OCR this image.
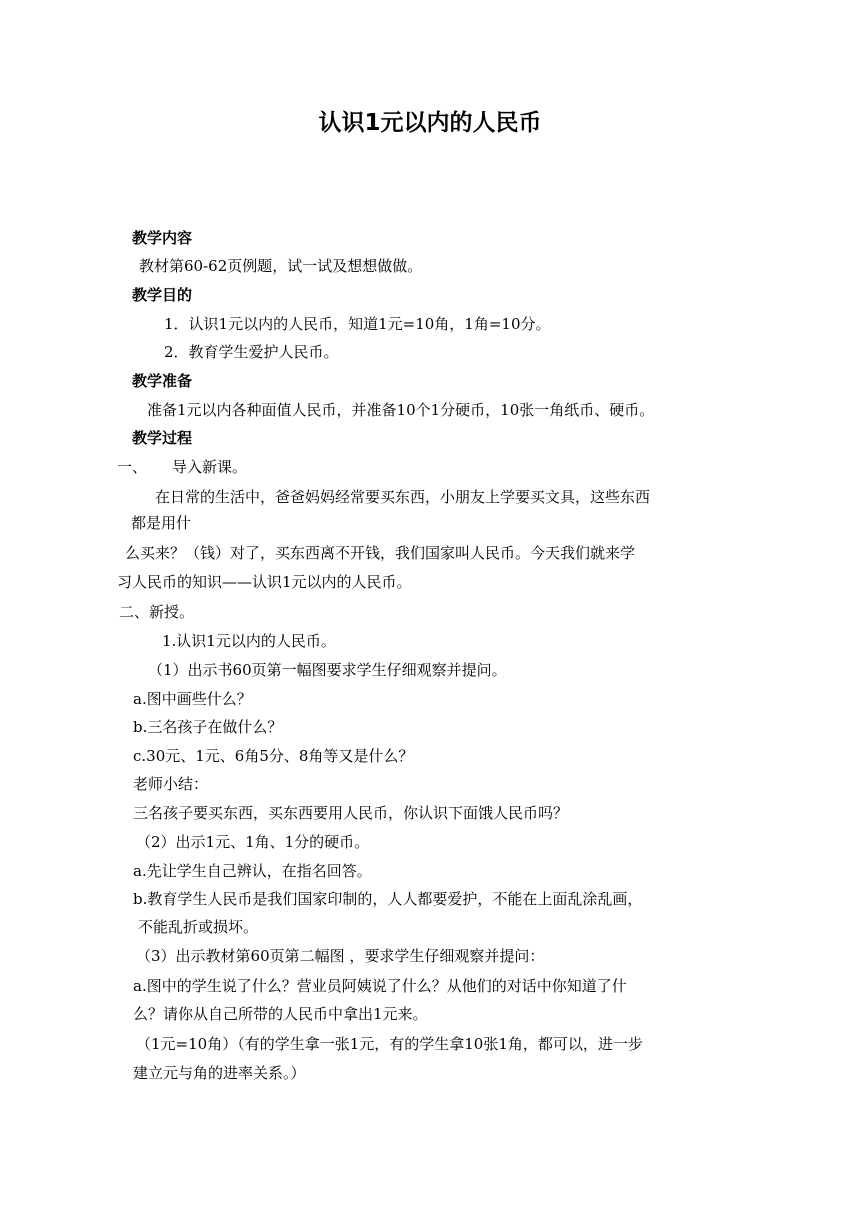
认识1元以内的人民币
教学内容
教材第60-62页例题，试一试及想想做做。
教学目的
1．认识1元以内的人民币，知道1元=10角，1角=10分。
2．教育学生爱护人民币。
教学准备
准备1元以内各种面值人民币，并准备10个1分硬币，10张一角纸币、硬币。
教学过程
一、 导入新课。
在日常的生活中，爸爸妈妈经常要买东西，小朋友上学要买文具，这些东西
都是用什
么买来？（钱）对了，买东西离不开钱，我们国家叫人民币。今天我们就来学
习人民币的知识——认识1元以内的人民币。
二、新授。
1.认识1元以内的人民币。
（1）出示书60页第一幅图要求学生仔细观察并提问。
a.图中画些什么？
b.三名孩子在做什么？
c.30元、1元、6角5分、8角等又是什么？
老师小结：
三名孩子要买东西，买东西要用人民币，你认识下面饿人民币吗？
（2）出示1元、1角、1分的硬币。
a.先让学生自己辨认，在指名回答。
b.教育学生人民币是我们国家印制的，人人都要爱护，不能在上面乱涂乱画，
不能乱折或损坏。
（3）出示教材第60页第二幅图 ，要求学生仔细观察并提问：
a.图中的学生说了什么？营业员阿姨说了什么？从他们的对话中你知道了什
么？请你从自己所带的人民币中拿出1元来。
（1元=10角）（有的学生拿一张1元，有的学生拿10张1角，都可以，进一步
建立元与角的进率关系。）
